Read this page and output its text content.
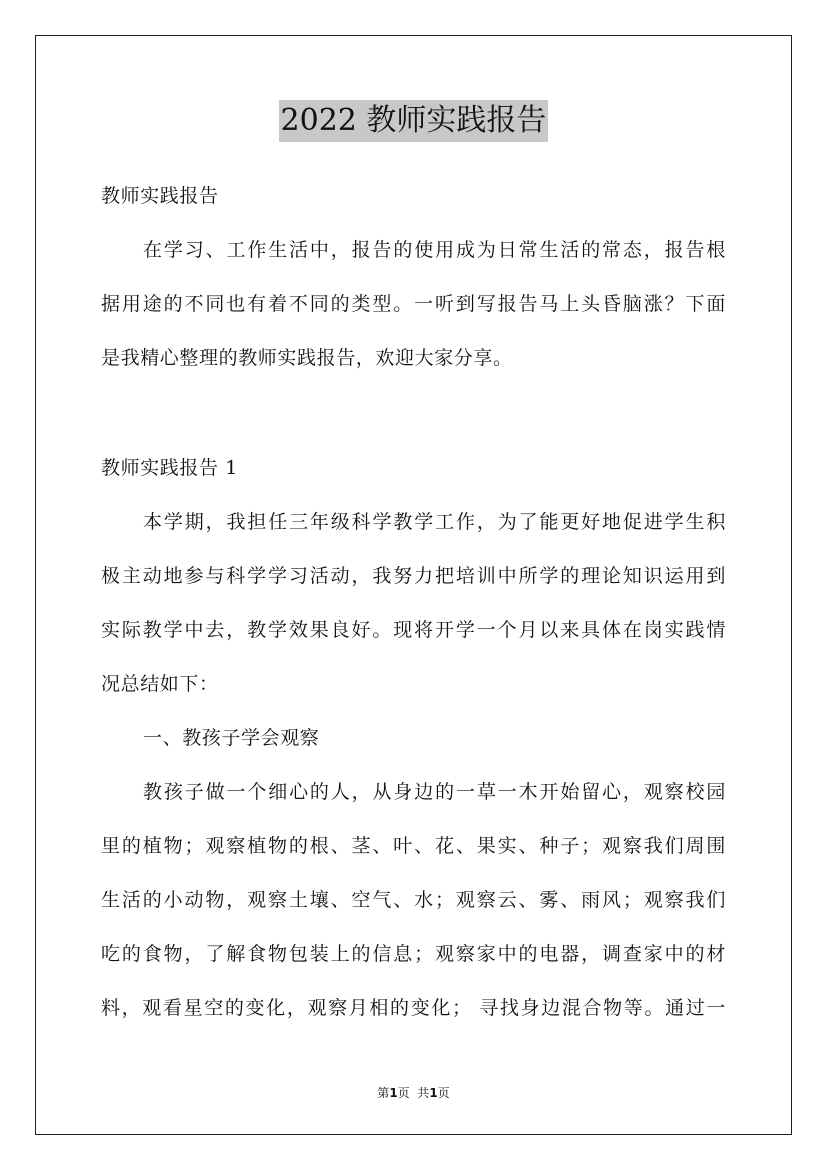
2022 教师实践报告
教师实践报告
在学习、工作生活中，报告的使用成为日常生活的常态，报告根
据用途的不同也有着不同的类型。一听到写报告马上头昏脑涨？下面
是我精心整理的教师实践报告，欢迎大家分享。
教师实践报告 1
本学期，我担任三年级科学教学工作，为了能更好地促进学生积
极主动地参与科学学习活动，我努力把培训中所学的理论知识运用到
实际教学中去，教学效果良好。现将开学一个月以来具体在岗实践情
况总结如下：
一、教孩子学会观察
教孩子做一个细心的人，从身边的一草一木开始留心，观察校园
里的植物；观察植物的根、茎、叶、花、果实、种子；观察我们周围
生活的小动物，观察土壤、空气、水；观察云、雾、雨风；观察我们
吃的食物，了解食物包装上的信息；观察家中的电器，调查家中的材
料，观看星空的变化，观察月相的变化； 寻找身边混合物等。通过一
第1页  共1页
